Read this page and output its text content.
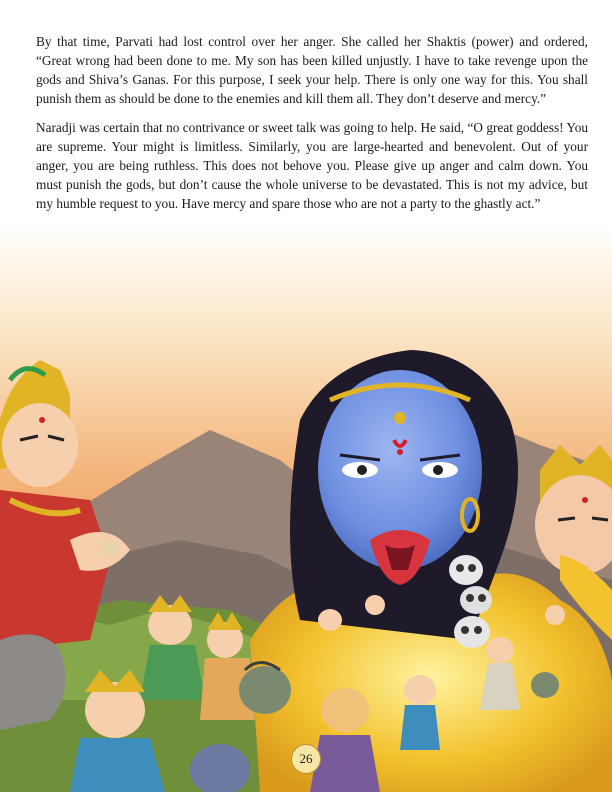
By that time, Parvati had lost control over her anger. She called her Shaktis (power) and ordered, “Great wrong had been done to me. My son has been killed unjustly. I have to take revenge upon the gods and Shiva’s Ganas. For this purpose, I seek your help. There is only one way for this. You shall punish them as should be done to the enemies and kill them all. They don’t deserve and mercy.”

Naradji was certain that no contrivance or sweet talk was going to help. He said, “O great goddess! You are supreme. Your might is limitless. Similarly, you are large-hearted and benevolent. Out of your anger, you are being ruthless. This does not behove you. Please give up anger and calm down. You must punish the gods, but don’t cause the whole universe to be devastated. This is not my advice, but my humble request to you. Have mercy and spare those who are not a party to the ghastly act.”

26
